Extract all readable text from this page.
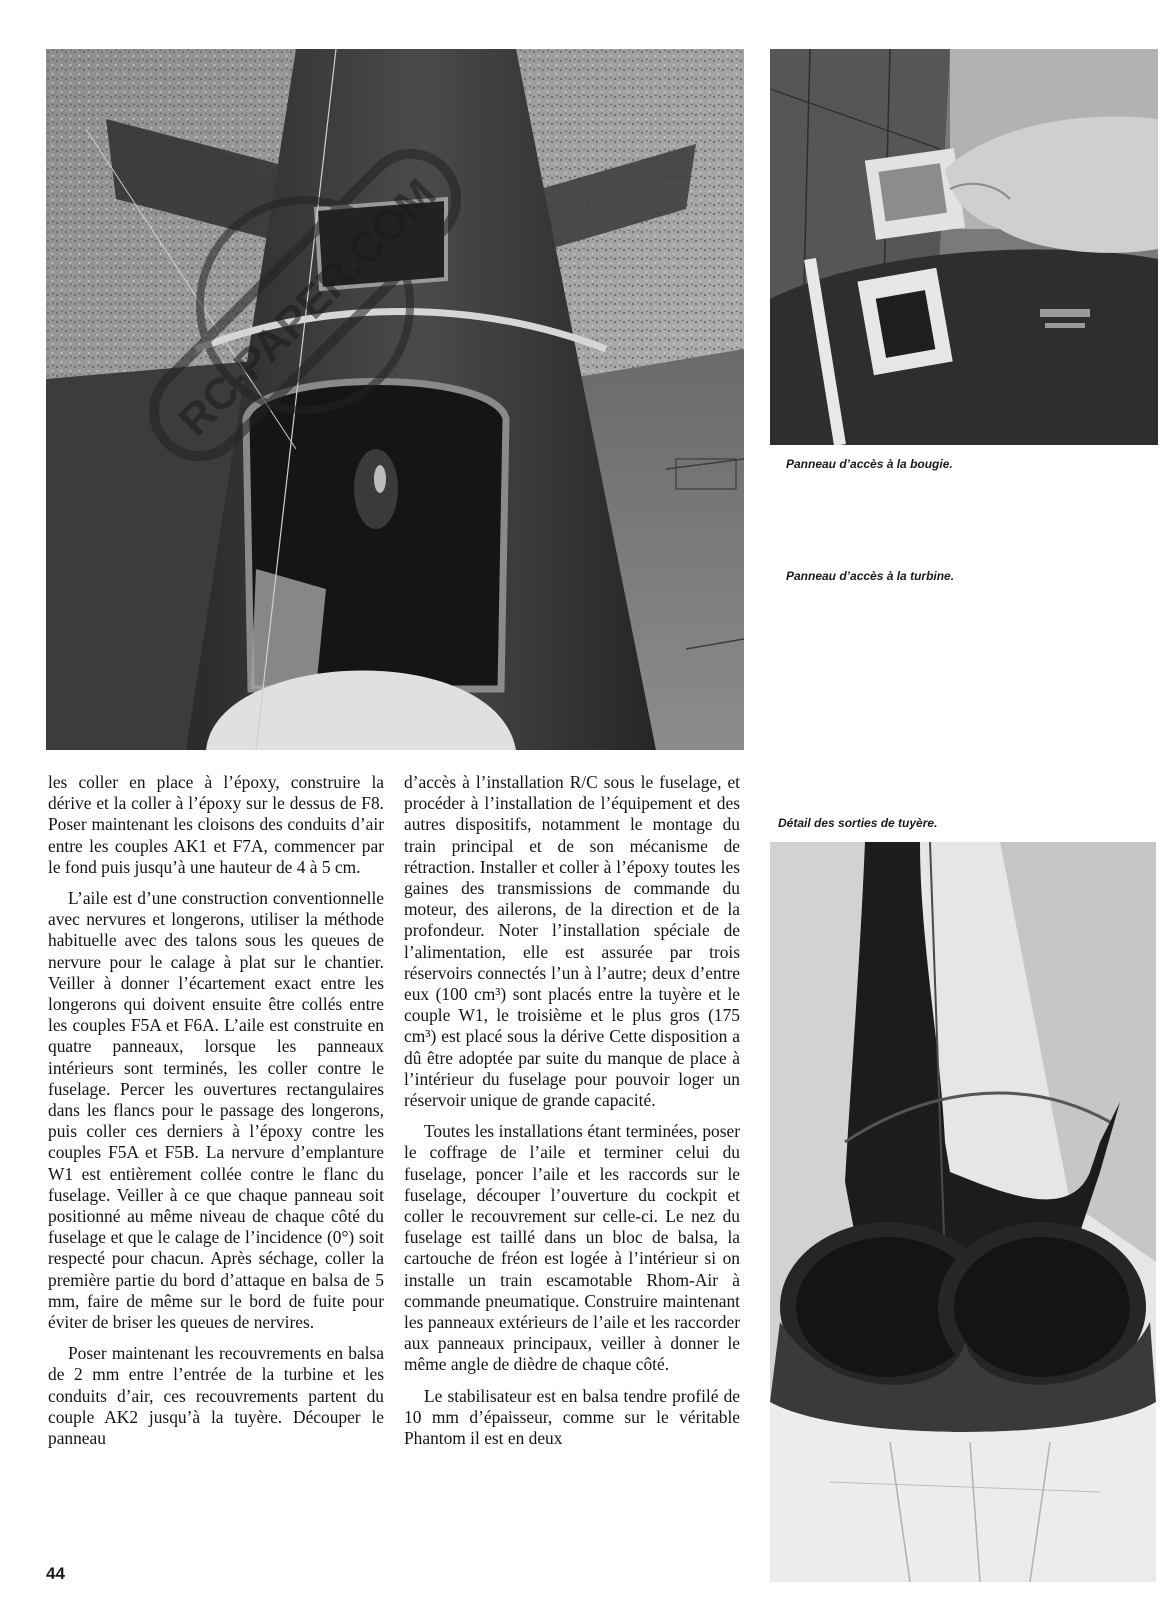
RC-PAPER.COM
Panneau d’accès à la bougie.
Panneau d’accès à la turbine.
Détail des sorties de tuyère.

les coller en place à l’époxy, construire la dérive et la coller à l’époxy sur le dessus de F8. Poser maintenant les cloisons des conduits d’air entre les couples AK1 et F7A, commencer par le fond puis jusqu’à une hauteur de 4 à 5 cm.

L’aile est d’une construction conventionnelle avec nervures et longerons, utiliser la méthode habituelle avec des talons sous les queues de nervure pour le calage à plat sur le chantier. Veiller à donner l’écartement exact entre les longerons qui doivent ensuite être collés entre les couples F5A et F6A. L’aile est construite en quatre panneaux, lorsque les panneaux intérieurs sont terminés, les coller contre le fuselage. Percer les ouvertures rectangulaires dans les flancs pour le passage des longerons, puis coller ces derniers à l’époxy contre les couples F5A et F5B. La nervure d’emplanture W1 est entièrement collée contre le flanc du fuselage. Veiller à ce que chaque panneau soit positionné au même niveau de chaque côté du fuselage et que le calage de l’incidence (0°) soit respecté pour chacun. Après séchage, coller la première partie du bord d’attaque en balsa de 5 mm, faire de même sur le bord de fuite pour éviter de briser les queues de nervires.

Poser maintenant les recouvrements en balsa de 2 mm entre l’entrée de la turbine et les conduits d’air, ces recouvrements partent du couple AK2 jusqu’à la tuyère. Découper le panneau

d’accès à l’installation R/C sous le fuselage, et procéder à l’installation de l’équipement et des autres dispositifs, notamment le montage du train principal et de son mécanisme de rétraction. Installer et coller à l’époxy toutes les gaines des transmissions de commande du moteur, des ailerons, de la direction et de la profondeur. Noter l’installation spéciale de l’alimentation, elle est assurée par trois réservoirs connectés l’un à l’autre; deux d’entre eux (100 cm³) sont placés entre la tuyère et le couple W1, le troisième et le plus gros (175 cm³) est placé sous la dérive Cette disposition a dû être adoptée par suite du manque de place à l’intérieur du fuselage pour pouvoir loger un réservoir unique de grande capacité.

Toutes les installations étant terminées, poser le coffrage de l’aile et terminer celui du fuselage, poncer l’aile et les raccords sur le fuselage, découper l’ouverture du cockpit et coller le recouvrement sur celle-ci. Le nez du fuselage est taillé dans un bloc de balsa, la cartouche de fréon est logée à l’intérieur si on installe un train escamotable Rhom-Air à commande pneumatique. Construire maintenant les panneaux extérieurs de l’aile et les raccorder aux panneaux principaux, veiller à donner le même angle de dièdre de chaque côté.

Le stabilisateur est en balsa tendre profilé de 10 mm d’épaisseur, comme sur le véritable Phantom il est en deux

44
